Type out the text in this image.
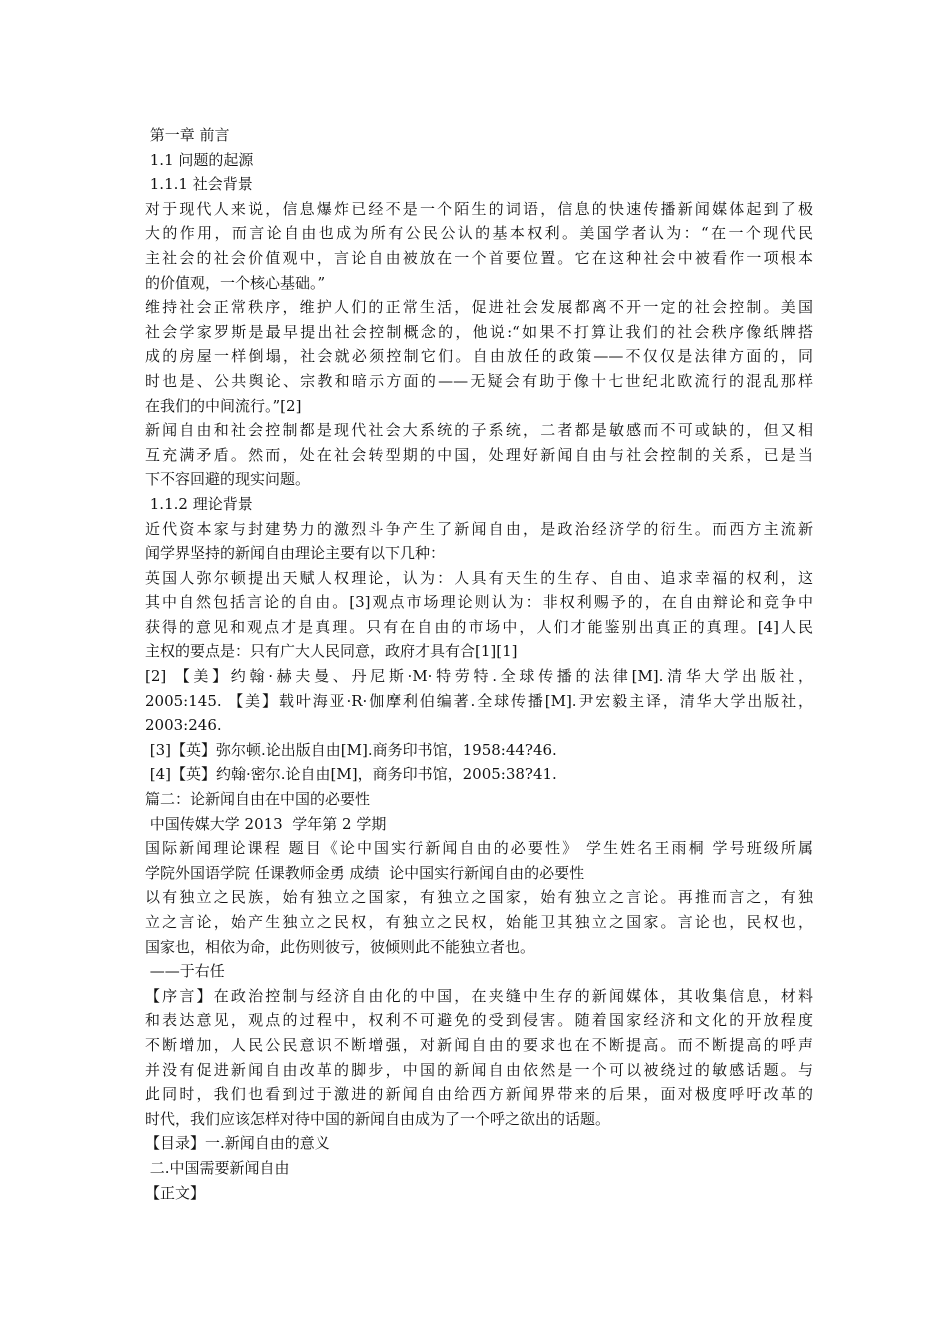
第一章 前言
1.1 问题的起源
1.1.1 社会背景
对于现代人来说，信息爆炸已经不是一个陌生的词语，信息的快速传播新闻媒体起到了极
大的作用，而言论自由也成为所有公民公认的基本权利。美国学者认为：“在一个现代民
主社会的社会价值观中，言论自由被放在一个首要位置。它在这种社会中被看作一项根本
的价值观，一个核心基础。”
维持社会正常秩序，维护人们的正常生活，促进社会发展都离不开一定的社会控制。美国
社会学家罗斯是最早提出社会控制概念的，他说:“如果不打算让我们的社会秩序像纸牌搭
成的房屋一样倒塌，社会就必须控制它们。自由放任的政策——不仅仅是法律方面的，同
时也是、公共舆论、宗教和暗示方面的——无疑会有助于像十七世纪北欧流行的混乱那样
在我们的中间流行。”[2]
新闻自由和社会控制都是现代社会大系统的子系统，二者都是敏感而不可或缺的，但又相
互充满矛盾。然而，处在社会转型期的中国，处理好新闻自由与社会控制的关系，已是当
下不容回避的现实问题。
1.1.2 理论背景
近代资本家与封建势力的激烈斗争产生了新闻自由，是政治经济学的衍生。而西方主流新
闻学界坚持的新闻自由理论主要有以下几种：
英国人弥尔顿提出天赋人权理论，认为：人具有天生的生存、自由、追求幸福的权利，这
其中自然包括言论的自由。[3]观点市场理论则认为：非权利赐予的，在自由辩论和竞争中
获得的意见和观点才是真理。只有在自由的市场中，人们才能鉴别出真正的真理。[4]人民
主权的要点是：只有广大人民同意，政府才具有合[1][1]
[2] 【美】约翰·赫夫曼、丹尼斯·M·特劳特.全球传播的法律[M].清华大学出版社，
2005:145. 【美】载叶海亚·R·伽摩利伯编著.全球传播[M].尹宏毅主译，清华大学出版社，
2003:246.
[3]【英】弥尔顿.论出版自由[M].商务印书馆，1958:44?46.
[4]【英】约翰·密尔.论自由[M]，商务印书馆，2005:38?41.
篇二：论新闻自由在中国的必要性
中国传媒大学 2013  学年第 2 学期
国际新闻理论课程 题目《论中国实行新闻自由的必要性》 学生姓名王雨桐 学号班级所属
学院外国语学院 任课教师金勇 成绩  论中国实行新闻自由的必要性
以有独立之民族，始有独立之国家，有独立之国家，始有独立之言论。再推而言之，有独
立之言论，始产生独立之民权，有独立之民权，始能卫其独立之国家。言论也，民权也，
国家也，相依为命，此伤则彼亏，彼倾则此不能独立者也。
——于右任
【序言】在政治控制与经济自由化的中国，在夹缝中生存的新闻媒体，其收集信息，材料
和表达意见，观点的过程中，权利不可避免的受到侵害。随着国家经济和文化的开放程度
不断增加，人民公民意识不断增强，对新闻自由的要求也在不断提高。而不断提高的呼声
并没有促进新闻自由改革的脚步，中国的新闻自由依然是一个可以被绕过的敏感话题。与
此同时，我们也看到过于激进的新闻自由给西方新闻界带来的后果，面对极度呼吁改革的
时代，我们应该怎样对待中国的新闻自由成为了一个呼之欲出的话题。
【目录】一.新闻自由的意义
二.中国需要新闻自由
【正文】
